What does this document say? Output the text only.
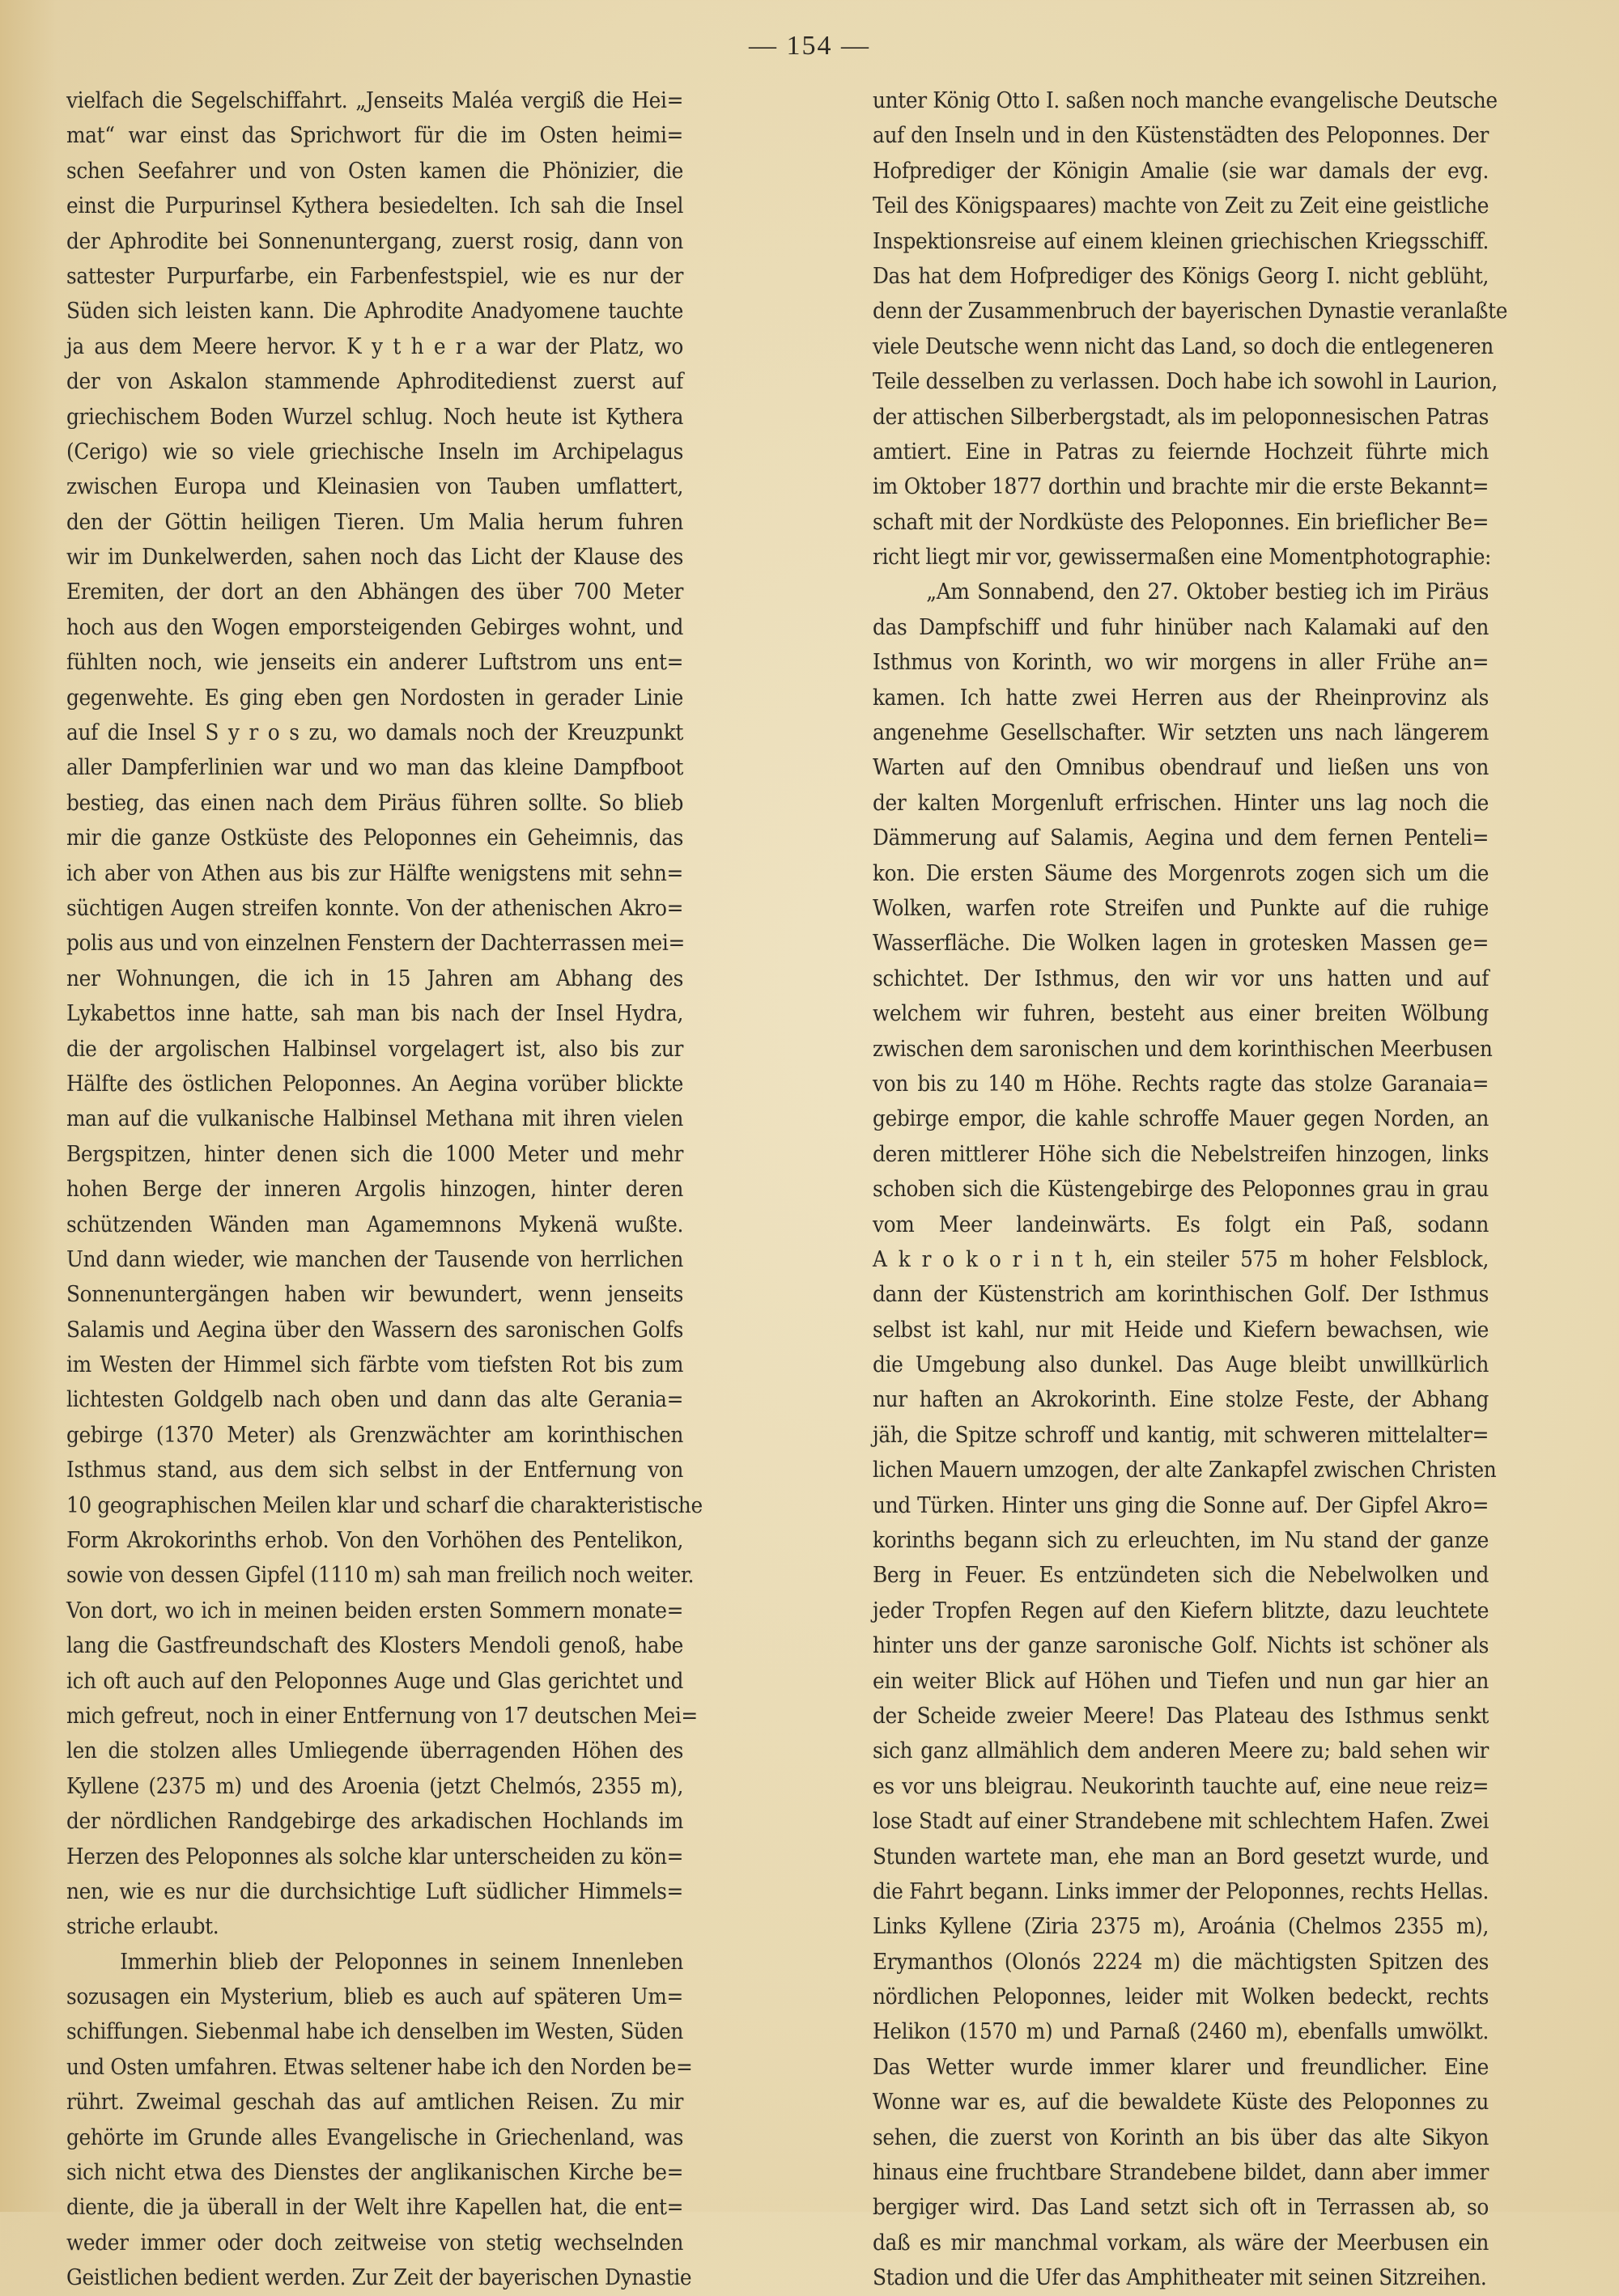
— 154 —
vielfach die Segelschiffahrt. „Jenseits Maléa vergiß die Hei=
mat“ war einst das Sprichwort für die im Osten heimi=
schen Seefahrer und von Osten kamen die Phönizier, die
einst die Purpurinsel Kythera besiedelten. Ich sah die Insel
der Aphrodite bei Sonnenuntergang, zuerst rosig, dann von
sattester Purpurfarbe, ein Farbenfestspiel, wie es nur der
Süden sich leisten kann. Die Aphrodite Anadyomene tauchte
ja aus dem Meere hervor. K y t h e r a war der Platz, wo
der von Askalon stammende Aphroditedienst zuerst auf
griechischem Boden Wurzel schlug. Noch heute ist Kythera
(Cerigo) wie so viele griechische Inseln im Archipelagus
zwischen Europa und Kleinasien von Tauben umflattert,
den der Göttin heiligen Tieren. Um Malia herum fuhren
wir im Dunkelwerden, sahen noch das Licht der Klause des
Eremiten, der dort an den Abhängen des über 700 Meter
hoch aus den Wogen emporsteigenden Gebirges wohnt, und
fühlten noch, wie jenseits ein anderer Luftstrom uns ent=
gegenwehte. Es ging eben gen Nordosten in gerader Linie
auf die Insel S y r o s zu, wo damals noch der Kreuzpunkt
aller Dampferlinien war und wo man das kleine Dampfboot
bestieg, das einen nach dem Piräus führen sollte. So blieb
mir die ganze Ostküste des Peloponnes ein Geheimnis, das
ich aber von Athen aus bis zur Hälfte wenigstens mit sehn=
süchtigen Augen streifen konnte. Von der athenischen Akro=
polis aus und von einzelnen Fenstern der Dachterrassen mei=
ner Wohnungen, die ich in 15 Jahren am Abhang des
Lykabettos inne hatte, sah man bis nach der Insel Hydra,
die der argolischen Halbinsel vorgelagert ist, also bis zur
Hälfte des östlichen Peloponnes. An Aegina vorüber blickte
man auf die vulkanische Halbinsel Methana mit ihren vielen
Bergspitzen, hinter denen sich die 1000 Meter und mehr
hohen Berge der inneren Argolis hinzogen, hinter deren
schützenden Wänden man Agamemnons Mykenä wußte.
Und dann wieder, wie manchen der Tausende von herrlichen
Sonnenuntergängen haben wir bewundert, wenn jenseits
Salamis und Aegina über den Wassern des saronischen Golfs
im Westen der Himmel sich färbte vom tiefsten Rot bis zum
lichtesten Goldgelb nach oben und dann das alte Gerania=
gebirge (1370 Meter) als Grenzwächter am korinthischen
Isthmus stand, aus dem sich selbst in der Entfernung von
10 geographischen Meilen klar und scharf die charakteristische
Form Akrokorinths erhob. Von den Vorhöhen des Pentelikon,
sowie von dessen Gipfel (1110 m) sah man freilich noch weiter.
Von dort, wo ich in meinen beiden ersten Sommern monate=
lang die Gastfreundschaft des Klosters Mendoli genoß, habe
ich oft auch auf den Peloponnes Auge und Glas gerichtet und
mich gefreut, noch in einer Entfernung von 17 deutschen Mei=
len die stolzen alles Umliegende überragenden Höhen des
Kyllene (2375 m) und des Aroenia (jetzt Chelmós, 2355 m),
der nördlichen Randgebirge des arkadischen Hochlands im
Herzen des Peloponnes als solche klar unterscheiden zu kön=
nen, wie es nur die durchsichtige Luft südlicher Himmels=
striche erlaubt.
Immerhin blieb der Peloponnes in seinem Innenleben
sozusagen ein Mysterium, blieb es auch auf späteren Um=
schiffungen. Siebenmal habe ich denselben im Westen, Süden
und Osten umfahren. Etwas seltener habe ich den Norden be=
rührt. Zweimal geschah das auf amtlichen Reisen. Zu mir
gehörte im Grunde alles Evangelische in Griechenland, was
sich nicht etwa des Dienstes der anglikanischen Kirche be=
diente, die ja überall in der Welt ihre Kapellen hat, die ent=
weder immer oder doch zeitweise von stetig wechselnden
Geistlichen bedient werden. Zur Zeit der bayerischen Dynastie
unter König Otto I. saßen noch manche evangelische Deutsche
auf den Inseln und in den Küstenstädten des Peloponnes. Der
Hofprediger der Königin Amalie (sie war damals der evg.
Teil des Königspaares) machte von Zeit zu Zeit eine geistliche
Inspektionsreise auf einem kleinen griechischen Kriegsschiff.
Das hat dem Hofprediger des Königs Georg I. nicht geblüht,
denn der Zusammenbruch der bayerischen Dynastie veranlaßte
viele Deutsche wenn nicht das Land, so doch die entlegeneren
Teile desselben zu verlassen. Doch habe ich sowohl in Laurion,
der attischen Silberbergstadt, als im peloponnesischen Patras
amtiert. Eine in Patras zu feiernde Hochzeit führte mich
im Oktober 1877 dorthin und brachte mir die erste Bekannt=
schaft mit der Nordküste des Peloponnes. Ein brieflicher Be=
richt liegt mir vor, gewissermaßen eine Momentphotographie:
„Am Sonnabend, den 27. Oktober bestieg ich im Piräus
das Dampfschiff und fuhr hinüber nach Kalamaki auf den
Isthmus von Korinth, wo wir morgens in aller Frühe an=
kamen. Ich hatte zwei Herren aus der Rheinprovinz als
angenehme Gesellschafter. Wir setzten uns nach längerem
Warten auf den Omnibus obendrauf und ließen uns von
der kalten Morgenluft erfrischen. Hinter uns lag noch die
Dämmerung auf Salamis, Aegina und dem fernen Penteli=
kon. Die ersten Säume des Morgenrots zogen sich um die
Wolken, warfen rote Streifen und Punkte auf die ruhige
Wasserfläche. Die Wolken lagen in grotesken Massen ge=
schichtet. Der Isthmus, den wir vor uns hatten und auf
welchem wir fuhren, besteht aus einer breiten Wölbung
zwischen dem saronischen und dem korinthischen Meerbusen
von bis zu 140 m Höhe. Rechts ragte das stolze Garanaia=
gebirge empor, die kahle schroffe Mauer gegen Norden, an
deren mittlerer Höhe sich die Nebelstreifen hinzogen, links
schoben sich die Küstengebirge des Peloponnes grau in grau
vom Meer landeinwärts. Es folgt ein Paß, sodann
A k r o k o r i n t h, ein steiler 575 m hoher Felsblock,
dann der Küstenstrich am korinthischen Golf. Der Isthmus
selbst ist kahl, nur mit Heide und Kiefern bewachsen, wie
die Umgebung also dunkel. Das Auge bleibt unwillkürlich
nur haften an Akrokorinth. Eine stolze Feste, der Abhang
jäh, die Spitze schroff und kantig, mit schweren mittelalter=
lichen Mauern umzogen, der alte Zankapfel zwischen Christen
und Türken. Hinter uns ging die Sonne auf. Der Gipfel Akro=
korinths begann sich zu erleuchten, im Nu stand der ganze
Berg in Feuer. Es entzündeten sich die Nebelwolken und
jeder Tropfen Regen auf den Kiefern blitzte, dazu leuchtete
hinter uns der ganze saronische Golf. Nichts ist schöner als
ein weiter Blick auf Höhen und Tiefen und nun gar hier an
der Scheide zweier Meere! Das Plateau des Isthmus senkt
sich ganz allmählich dem anderen Meere zu; bald sehen wir
es vor uns bleigrau. Neukorinth tauchte auf, eine neue reiz=
lose Stadt auf einer Strandebene mit schlechtem Hafen. Zwei
Stunden wartete man, ehe man an Bord gesetzt wurde, und
die Fahrt begann. Links immer der Peloponnes, rechts Hellas.
Links Kyllene (Ziria 2375 m), Aroánia (Chelmos 2355 m),
Erymanthos (Olonós 2224 m) die mächtigsten Spitzen des
nördlichen Peloponnes, leider mit Wolken bedeckt, rechts
Helikon (1570 m) und Parnaß (2460 m), ebenfalls umwölkt.
Das Wetter wurde immer klarer und freundlicher. Eine
Wonne war es, auf die bewaldete Küste des Peloponnes zu
sehen, die zuerst von Korinth an bis über das alte Sikyon
hinaus eine fruchtbare Strandebene bildet, dann aber immer
bergiger wird. Das Land setzt sich oft in Terrassen ab, so
daß es mir manchmal vorkam, als wäre der Meerbusen ein
Stadion und die Ufer das Amphitheater mit seinen Sitzreihen.
